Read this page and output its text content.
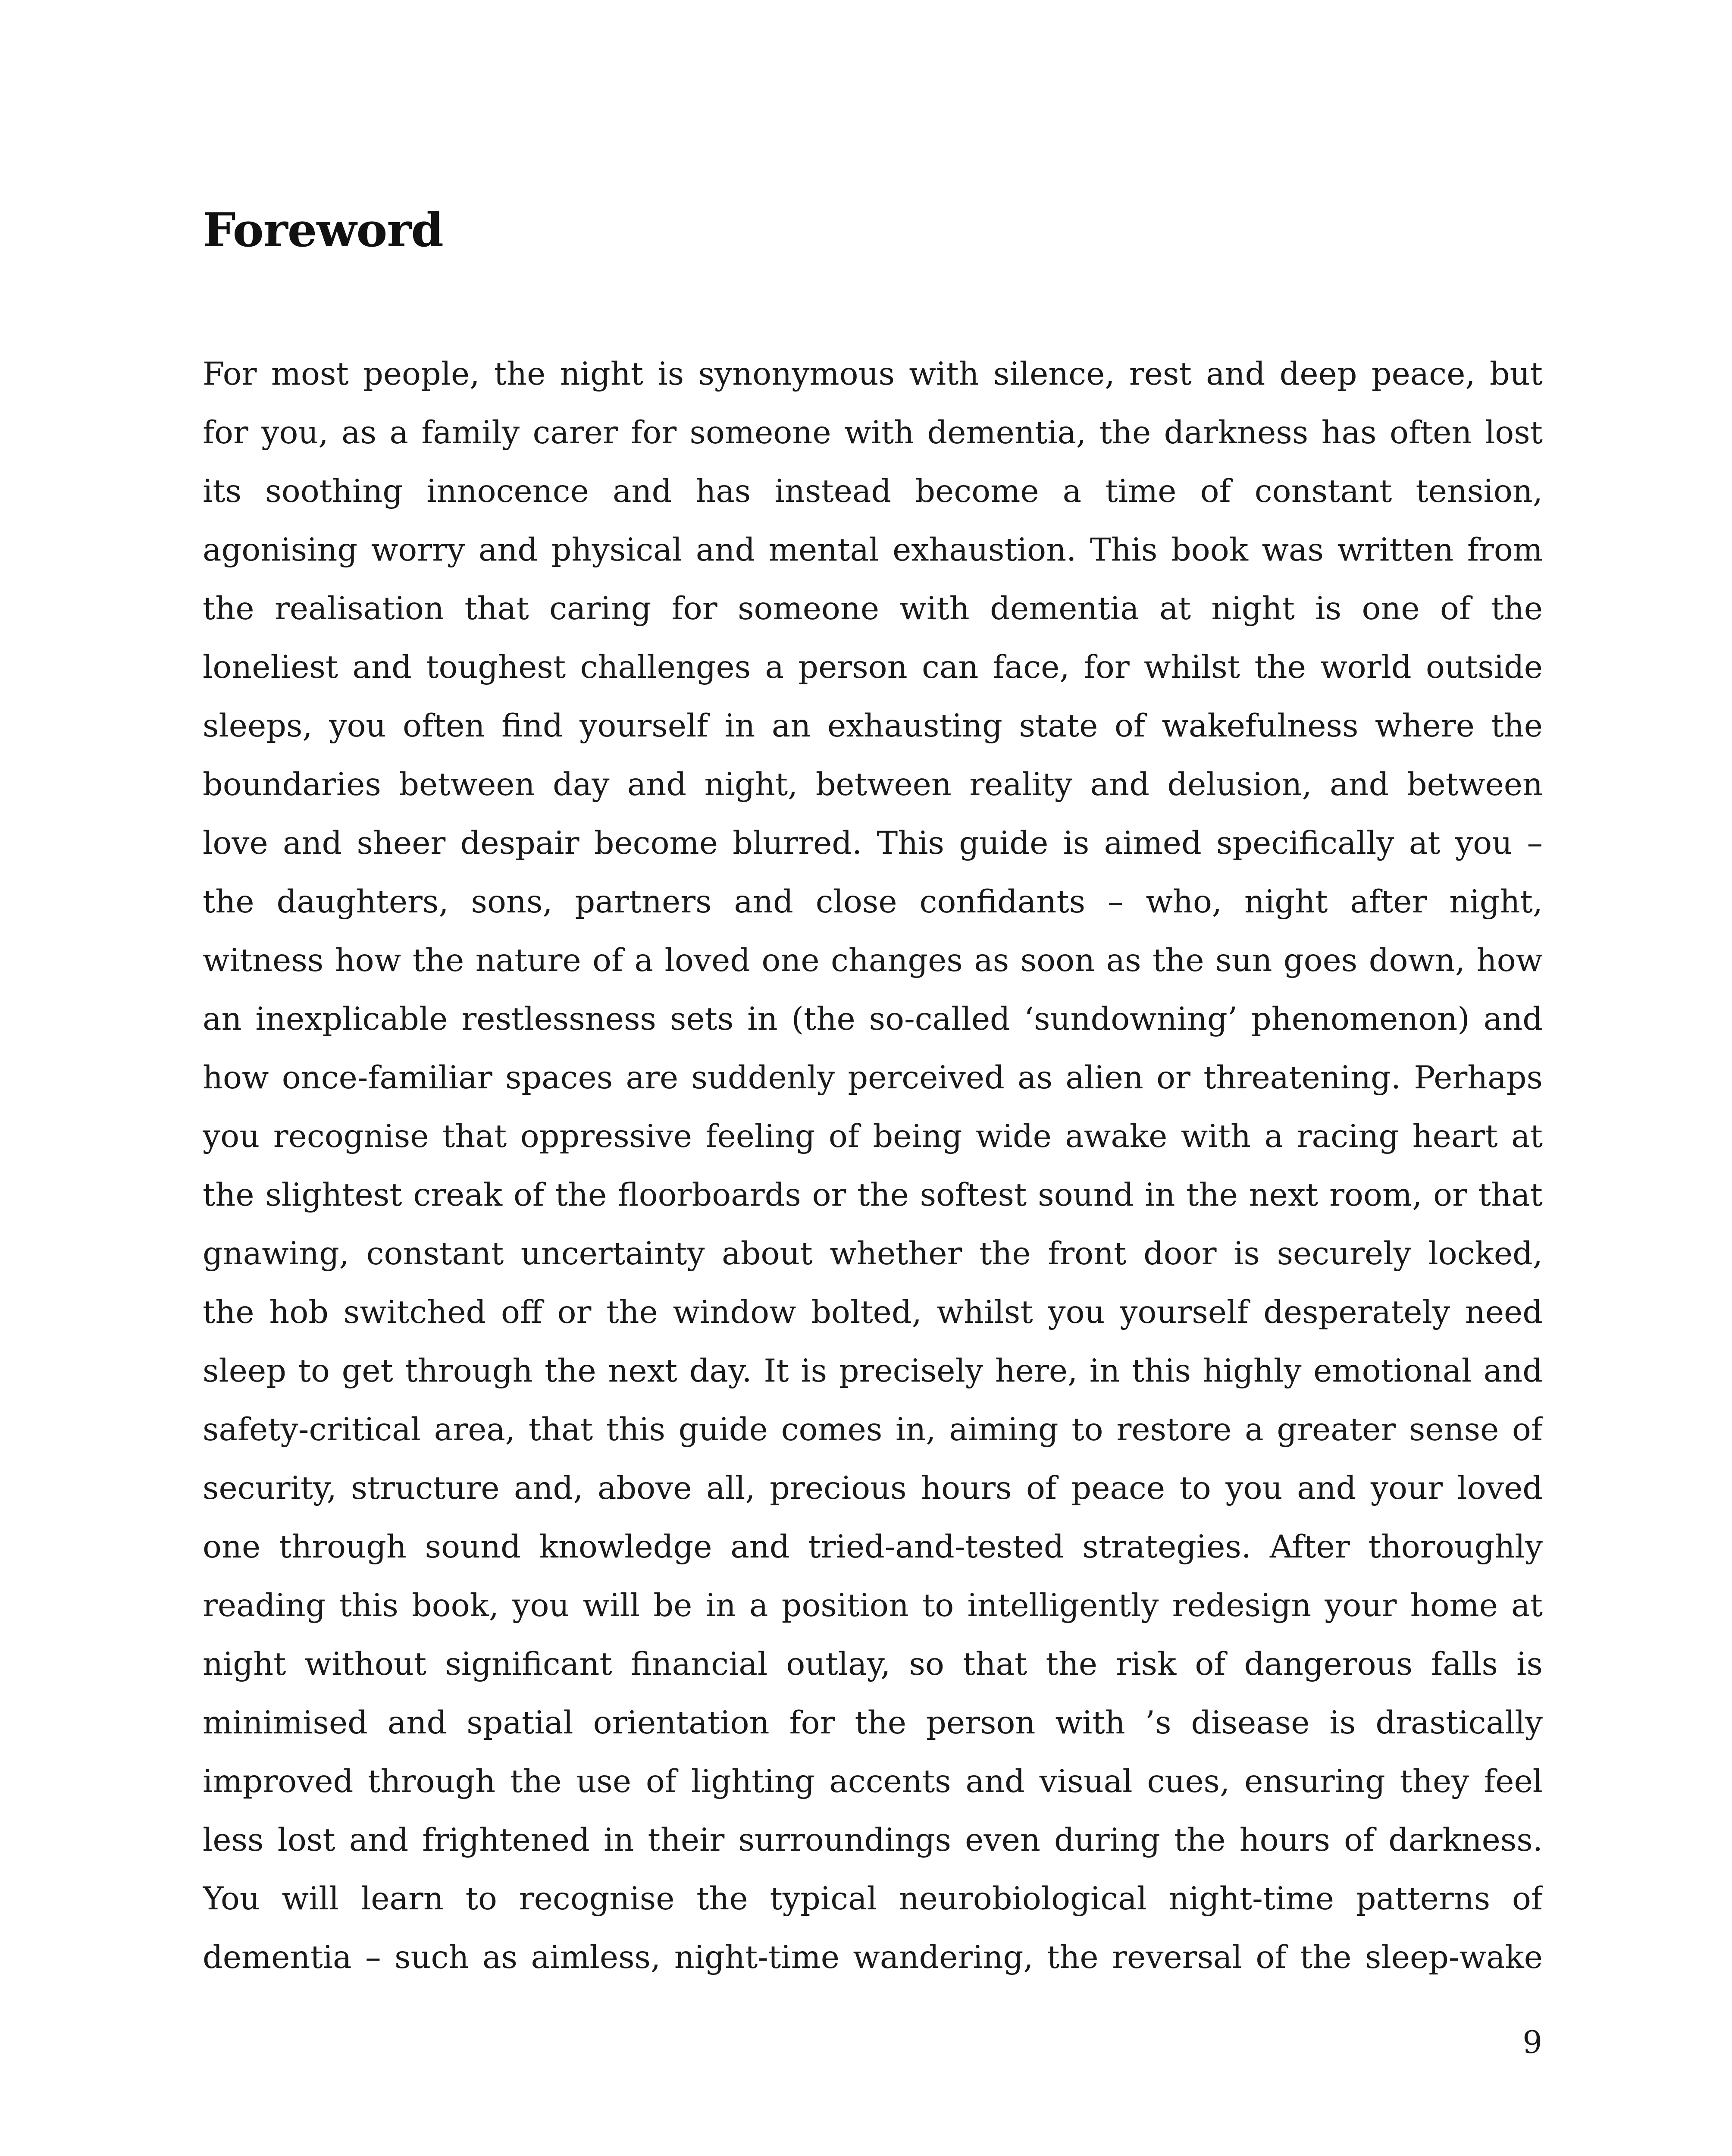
Foreword
For most people, the night is synonymous with silence, rest and deep peace, but
for you, as a family carer for someone with dementia, the darkness has often lost
its soothing innocence and has instead become a time of constant tension,
agonising worry and physical and mental exhaustion. This book was written from
the realisation that caring for someone with dementia at night is one of the
loneliest and toughest challenges a person can face, for whilst the world outside
sleeps, you often find yourself in an exhausting state of wakefulness where the
boundaries between day and night, between reality and delusion, and between
love and sheer despair become blurred. This guide is aimed specifically at you –
the daughters, sons, partners and close confidants – who, night after night,
witness how the nature of a loved one changes as soon as the sun goes down, how
an inexplicable restlessness sets in (the so-called ‘sundowning’ phenomenon) and
how once-familiar spaces are suddenly perceived as alien or threatening. Perhaps
you recognise that oppressive feeling of being wide awake with a racing heart at
the slightest creak of the floorboards or the softest sound in the next room, or that
gnawing, constant uncertainty about whether the front door is securely locked,
the hob switched off or the window bolted, whilst you yourself desperately need
sleep to get through the next day. It is precisely here, in this highly emotional and
safety-critical area, that this guide comes in, aiming to restore a greater sense of
security, structure and, above all, precious hours of peace to you and your loved
one through sound knowledge and tried-and-tested strategies. After thoroughly
reading this book, you will be in a position to intelligently redesign your home at
night without significant financial outlay, so that the risk of dangerous falls is
minimised and spatial orientation for the person with ’s disease is drastically
improved through the use of lighting accents and visual cues, ensuring they feel
less lost and frightened in their surroundings even during the hours of darkness.
You will learn to recognise the typical neurobiological night-time patterns of
dementia – such as aimless, night-time wandering, the reversal of the sleep-wake
9
